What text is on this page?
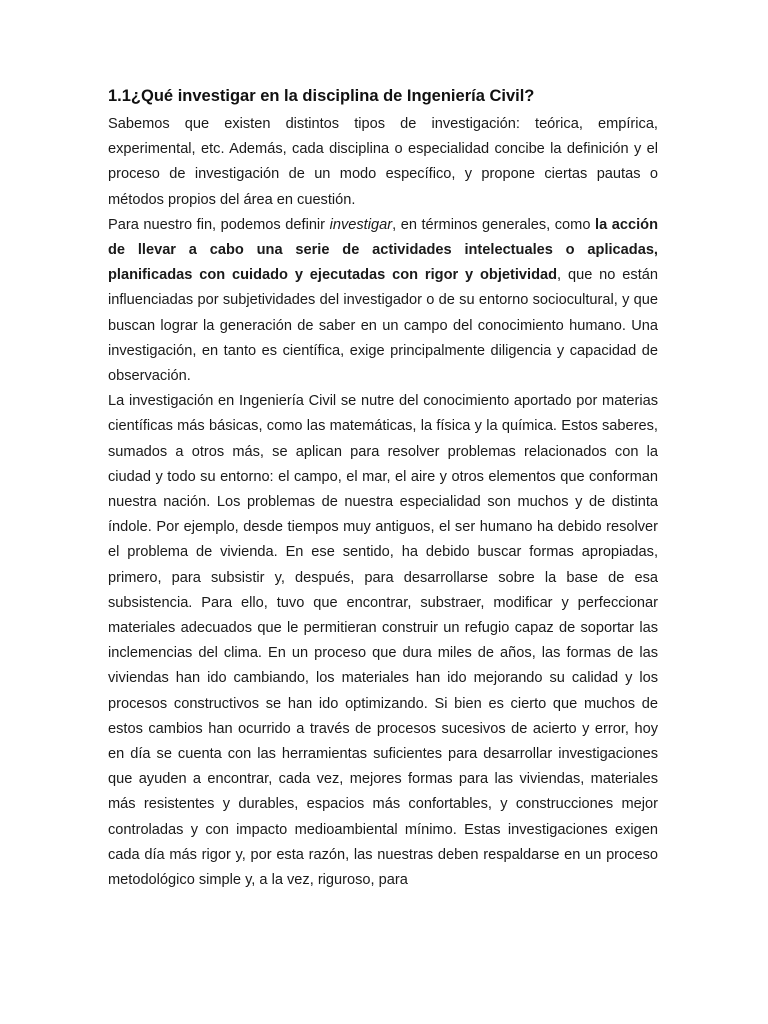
1.1¿Qué investigar en la disciplina de Ingeniería Civil?

Sabemos que existen distintos tipos de investigación: teórica, empírica, experimental, etc. Además, cada disciplina o especialidad concibe la definición y el proceso de investigación de un modo específico, y propone ciertas pautas o métodos propios del área en cuestión.

Para nuestro fin, podemos definir investigar, en términos generales, como la acción de llevar a cabo una serie de actividades intelectuales o aplicadas, planificadas con cuidado y ejecutadas con rigor y objetividad, que no están influenciadas por subjetividades del investigador o de su entorno sociocultural, y que buscan lograr la generación de saber en un campo del conocimiento humano. Una investigación, en tanto es científica, exige principalmente diligencia y capacidad de observación.

La investigación en Ingeniería Civil se nutre del conocimiento aportado por materias científicas más básicas, como las matemáticas, la física y la química. Estos saberes, sumados a otros más, se aplican para resolver problemas relacionados con la ciudad y todo su entorno: el campo, el mar, el aire y otros elementos que conforman nuestra nación. Los problemas de nuestra especialidad son muchos y de distinta índole. Por ejemplo, desde tiempos muy antiguos, el ser humano ha debido resolver el problema de vivienda. En ese sentido, ha debido buscar formas apropiadas, primero, para subsistir y, después, para desarrollarse sobre la base de esa subsistencia. Para ello, tuvo que encontrar, substraer, modificar y perfeccionar materiales adecuados que le permitieran construir un refugio capaz de soportar las inclemencias del clima. En un proceso que dura miles de años, las formas de las viviendas han ido cambiando, los materiales han ido mejorando su calidad y los procesos constructivos se han ido optimizando. Si bien es cierto que muchos de estos cambios han ocurrido a través de procesos sucesivos de acierto y error, hoy en día se cuenta con las herramientas suficientes para desarrollar investigaciones que ayuden a encontrar, cada vez, mejores formas para las viviendas, materiales más resistentes y durables, espacios más confortables, y construcciones mejor controladas y con impacto medioambiental mínimo. Estas investigaciones exigen cada día más rigor y, por esta razón, las nuestras deben respaldarse en un proceso metodológico simple y, a la vez, riguroso, para
